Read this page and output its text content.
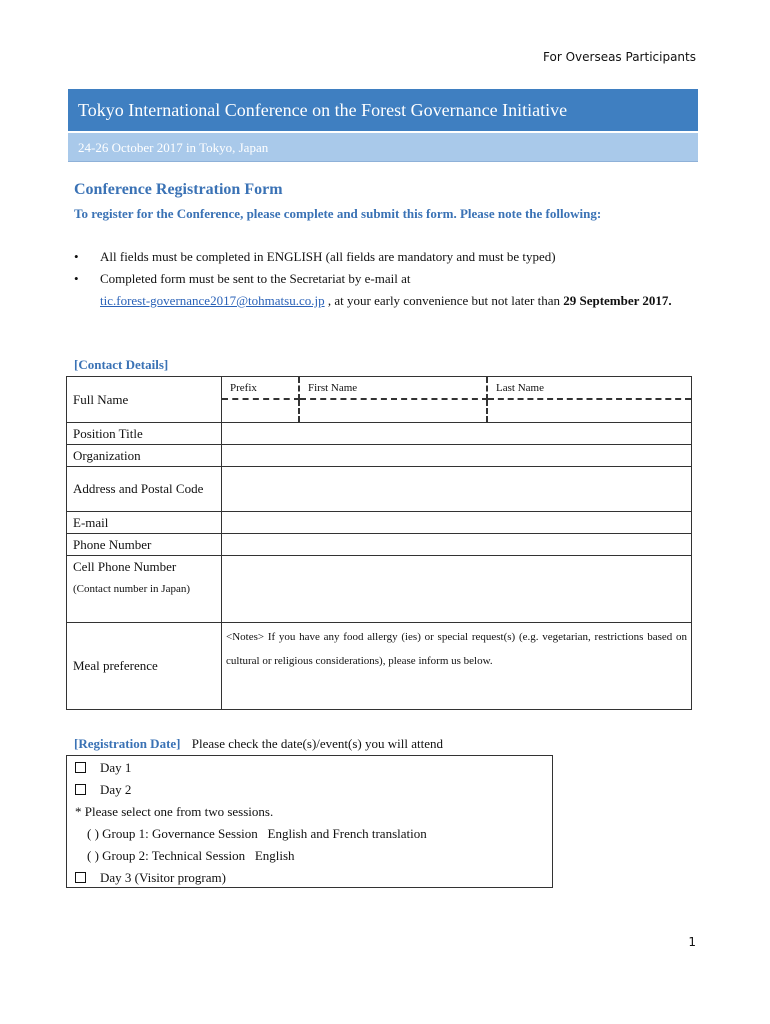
For Overseas Participants
Tokyo International Conference on the Forest Governance Initiative
24-26 October 2017 in Tokyo, Japan
Conference Registration Form
To register for the Conference, please complete and submit this form. Please note the following:
• All fields must be completed in ENGLISH (all fields are mandatory and must be typed)
• Completed form must be sent to the Secretariat by e-mail at
tic.forest-governance2017@tohmatsu.co.jp , at your early convenience but not later than 29 September 2017.
[Contact Details]
Full Name	Prefix First Name Last Name

Position Title	
Organization	
Address and Postal Code	
E-mail	
Phone Number	
Cell Phone Number

(Contact number in Japan)	

Meal preference	<Notes> If you have any food allergy (ies) or special request(s) (e.g. vegetarian, restrictions based on cultural or religious considerations), please inform us below.
[Registration Date] Please check the date(s)/event(s) you will attend
Day 1
Day 2
* Please select one from two sessions.
( ) Group 1: Governance Session   English and French translation
( ) Group 2: Technical Session   English
Day 3 (Visitor program)
1
